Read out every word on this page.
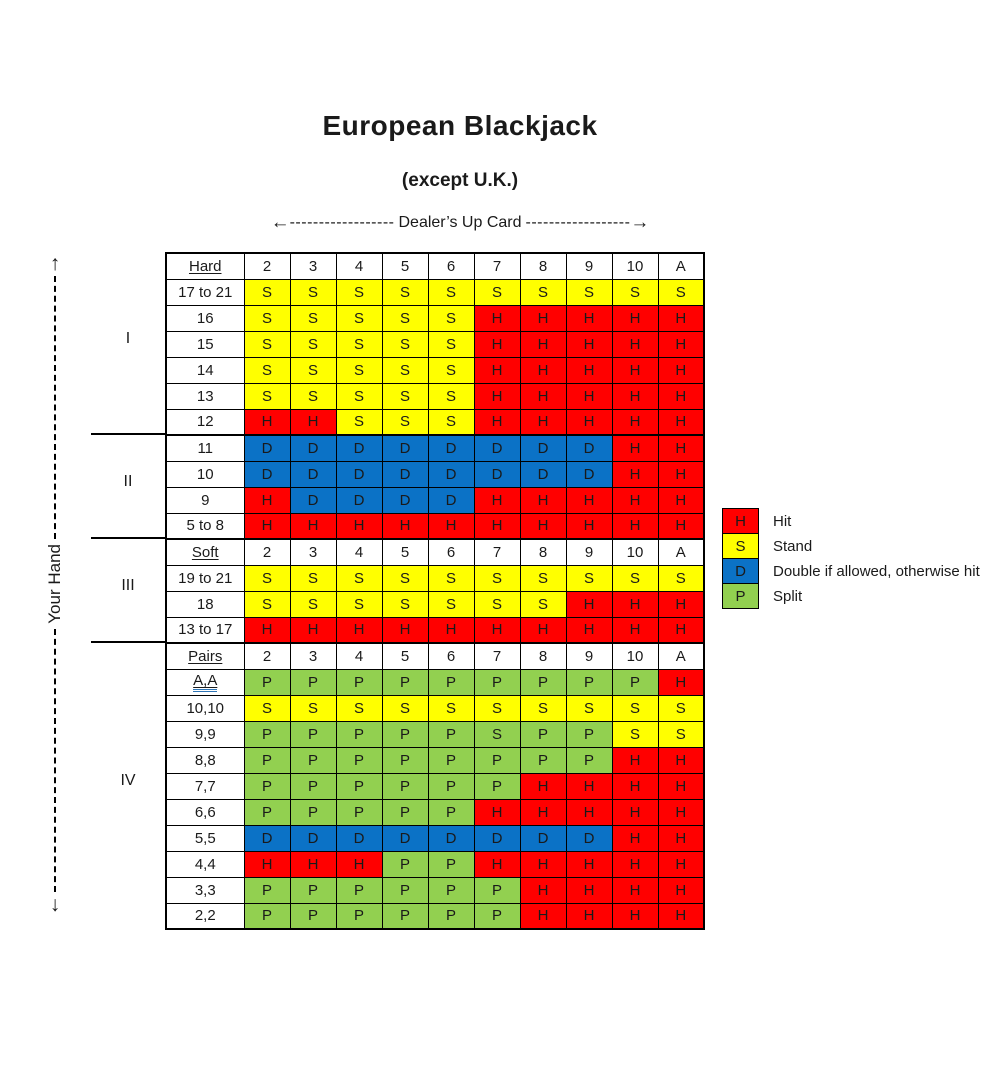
European Blackjack
(except U.K.)
←------------------ Dealer’s Up Card ------------------→
↑
Your Hand
↓
I
II
III
IV
Hard	2	3	4	5	6	7	8	9	10	A
17 to 21	S	S	S	S	S	S	S	S	S	S
16	S	S	S	S	S	H	H	H	H	H
15	S	S	S	S	S	H	H	H	H	H
14	S	S	S	S	S	H	H	H	H	H
13	S	S	S	S	S	H	H	H	H	H
12	H	H	S	S	S	H	H	H	H	H
11	D	D	D	D	D	D	D	D	H	H
10	D	D	D	D	D	D	D	D	H	H
9	H	D	D	D	D	H	H	H	H	H
5 to 8	H	H	H	H	H	H	H	H	H	H
Soft	2	3	4	5	6	7	8	9	10	A
19 to 21	S	S	S	S	S	S	S	S	S	S
18	S	S	S	S	S	S	S	H	H	H
13 to 17	H	H	H	H	H	H	H	H	H	H
Pairs	2	3	4	5	6	7	8	9	10	A
A,A	P	P	P	P	P	P	P	P	P	H
10,10	S	S	S	S	S	S	S	S	S	S
9,9	P	P	P	P	P	S	P	P	S	S
8,8	P	P	P	P	P	P	P	P	H	H
7,7	P	P	P	P	P	P	H	H	H	H
6,6	P	P	P	P	P	H	H	H	H	H
5,5	D	D	D	D	D	D	D	D	H	H
4,4	H	H	H	P	P	H	H	H	H	H
3,3	P	P	P	P	P	P	H	H	H	H
2,2	P	P	P	P	P	P	H	H	H	H
H	Hit
S	Stand
D	Double if allowed, otherwise hit
P	Split
